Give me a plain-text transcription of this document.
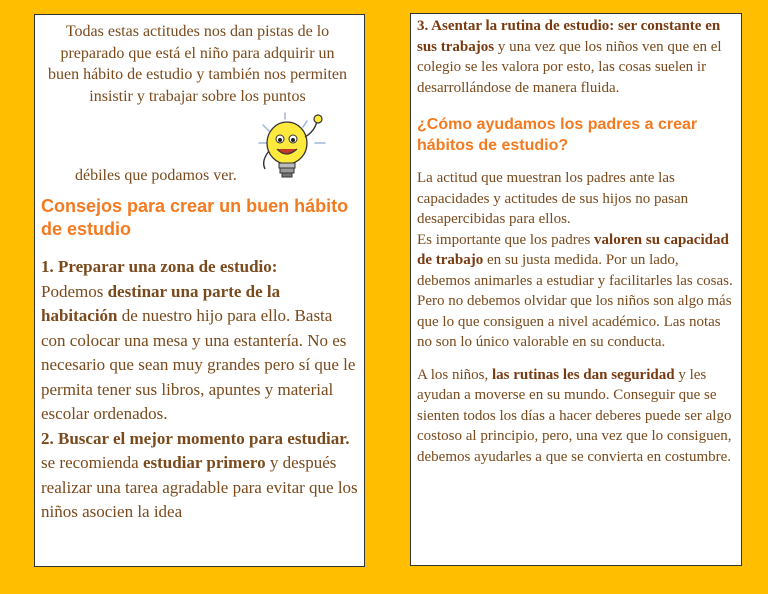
Todas estas actitudes nos dan pistas de lo preparado que está el niño para adquirir un buen hábito de estudio y también nos permiten insistir y trabajar sobre los puntos

débiles que podamos ver.
Consejos para crear un buen hábito de estudio
1. Preparar una zona de estudio:
Podemos destinar una parte de la habitación de nuestro hijo para ello. Basta con colocar una mesa y una estantería. No es necesario que sean muy grandes pero sí que le permita tener sus libros, apuntes y material escolar ordenados.
2. Buscar el mejor momento para estudiar.
se recomienda estudiar primero y después realizar una tarea agradable para evitar que los niños asocien la idea

3. Asentar la rutina de estudio: ser constante en sus trabajos y una vez que los niños ven que en el colegio se les valora por esto, las cosas suelen ir desarrollándose de manera fluida.

¿Cómo ayudamos los padres a crear hábitos de estudio?

La actitud que muestran los padres ante las capacidades y actitudes de sus hijos no pasan desapercibidas para ellos.

Es importante que los padres valoren su capacidad de trabajo en su justa medida. Por un lado, debemos animarles a estudiar y facilitarles las cosas. Pero no debemos olvidar que los niños son algo más que lo que consiguen a nivel académico. Las notas no son lo único valorable en su conducta.

A los niños, las rutinas les dan seguridad y les ayudan a moverse en su mundo. Conseguir que se sienten todos los días a hacer deberes puede ser algo costoso al principio, pero, una vez que lo consiguen, debemos ayudarles a que se convierta en costumbre.
